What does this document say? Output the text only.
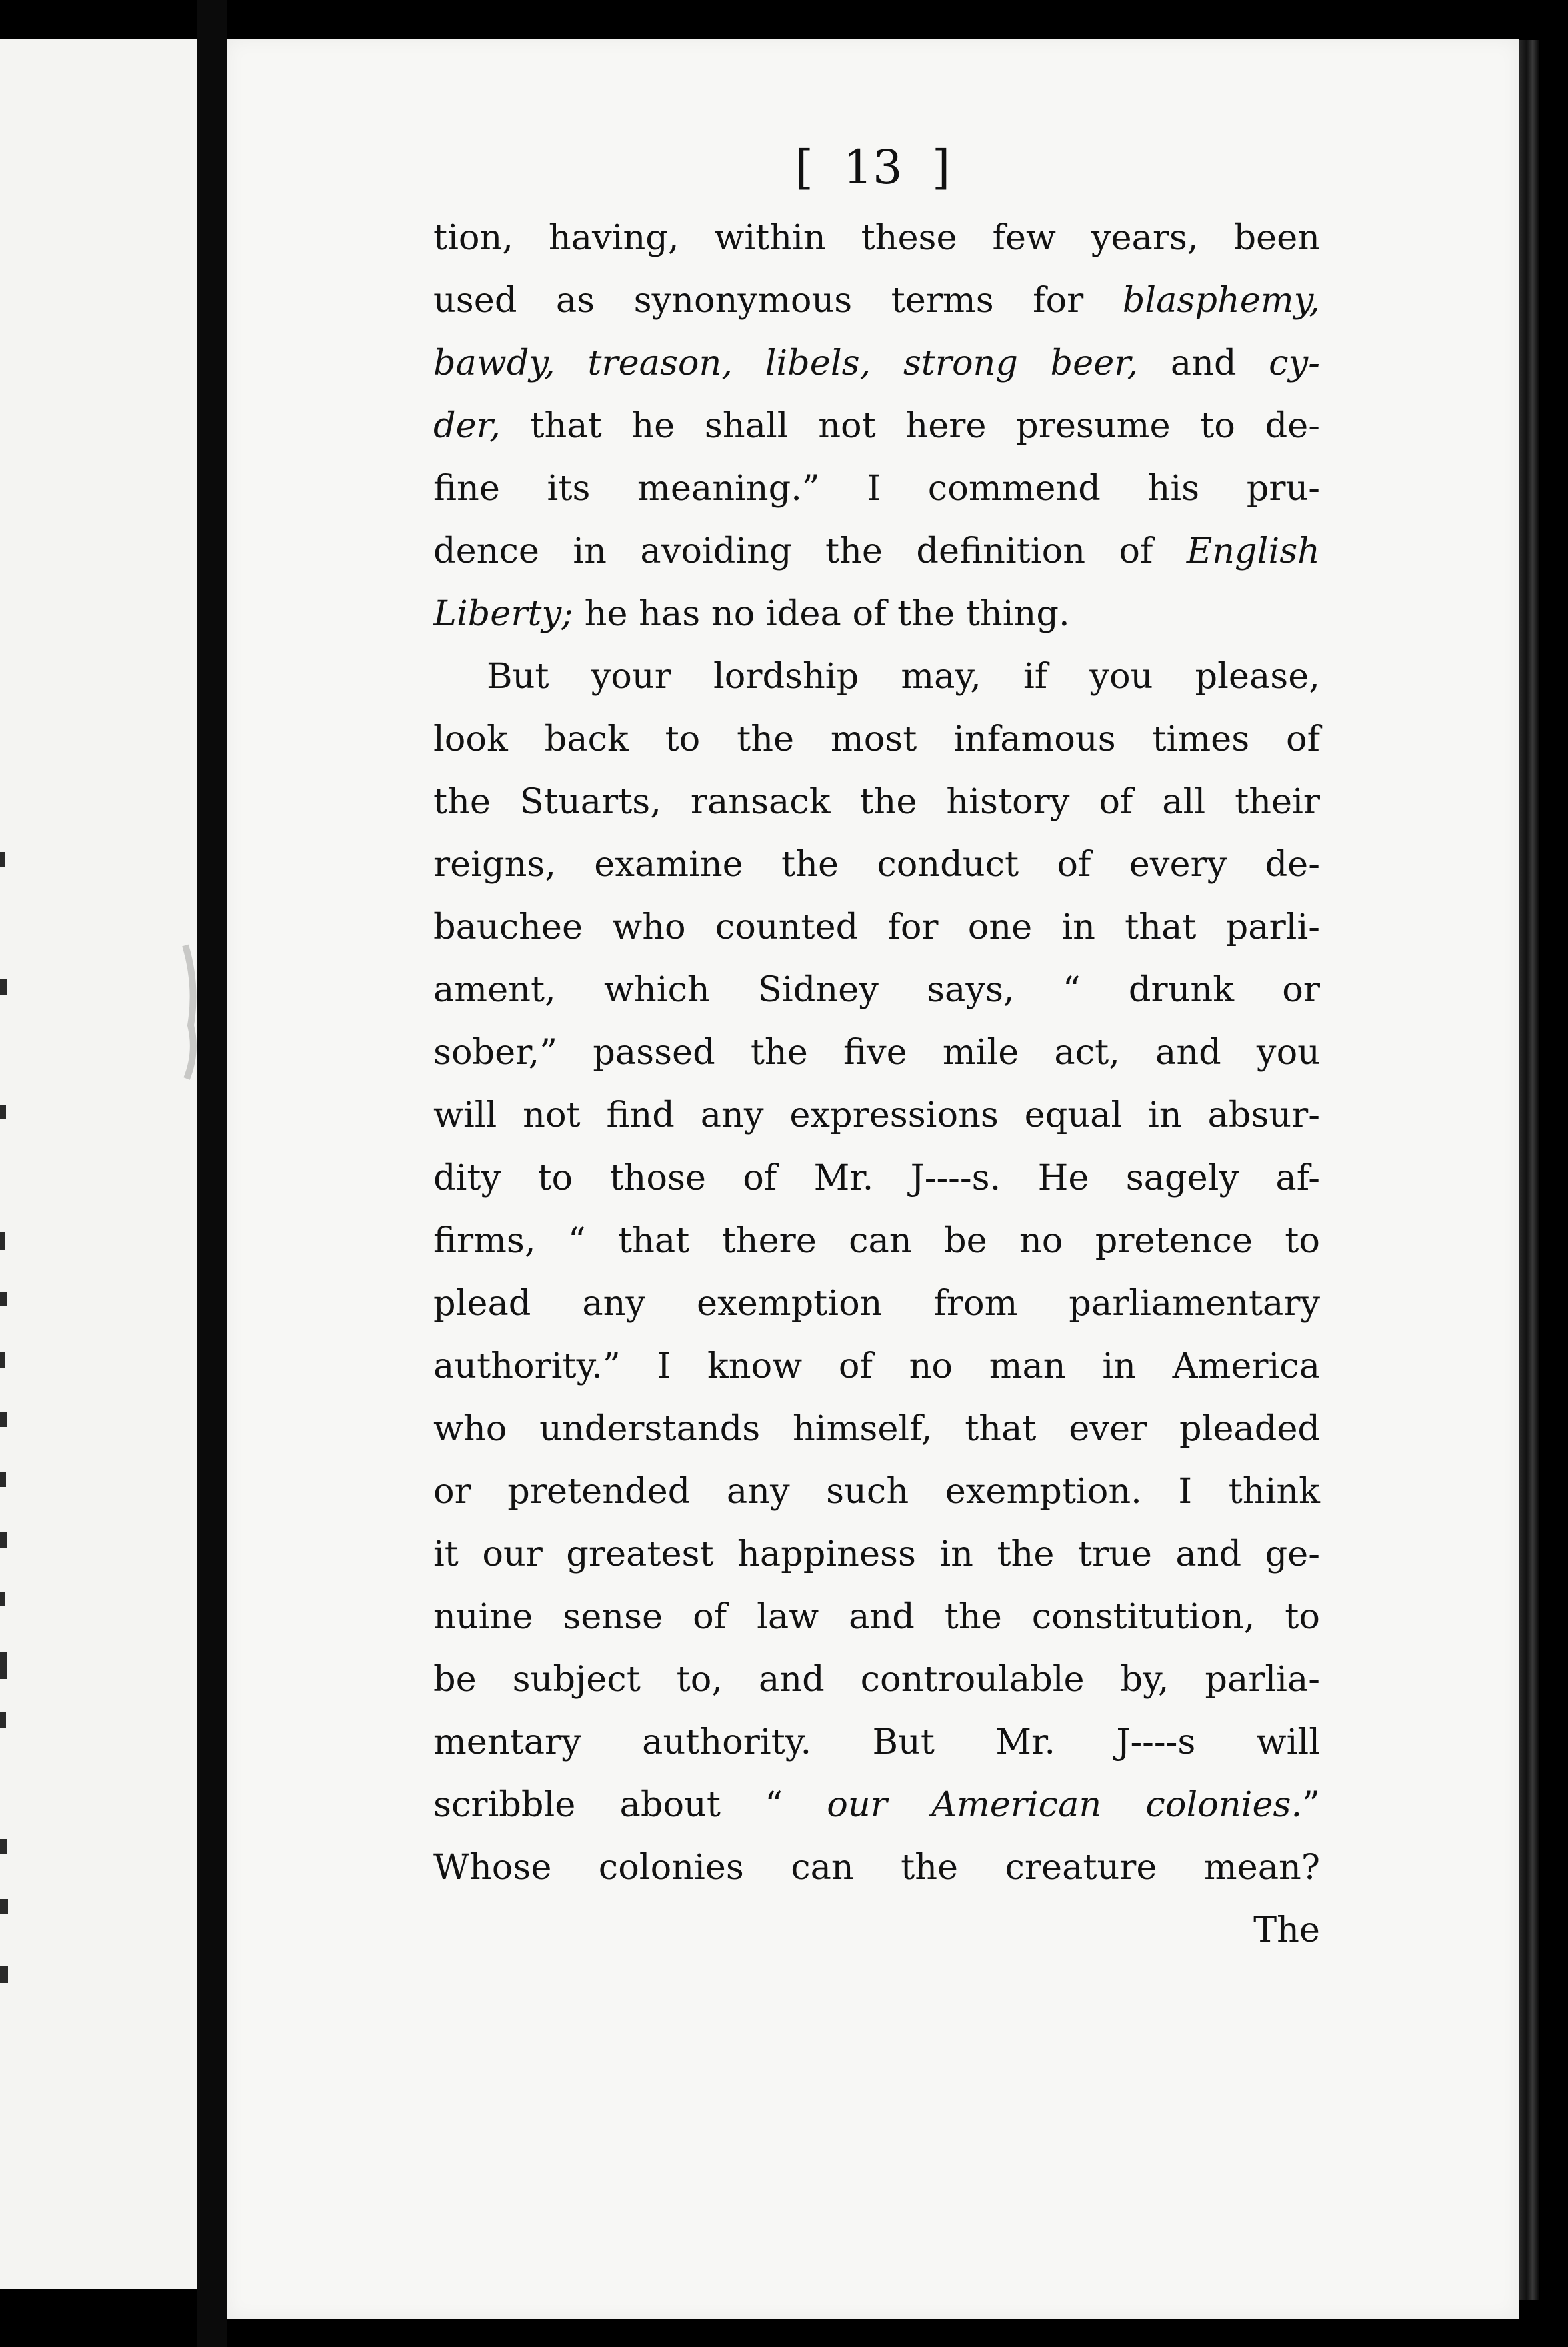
[  13  ]
tion, having, within these few years, been
used as synonymous terms for blasphemy,
bawdy, treason, libels, strong beer, and cy-
der, that he shall not here presume to de-
fine its meaning.” I commend his pru-
dence in avoiding the definition of English
Liberty; he has no idea of the thing.
But your lordship may, if you please,
look back to the most infamous times of
the Stuarts, ransack the history of all their
reigns, examine the conduct of every de-
bauchee who counted for one in that parli-
ament, which Sidney says, “ drunk or
sober,” passed the five mile act, and you
will not find any expressions equal in absur-
dity to those of Mr. J----s. He sagely af-
firms, “ that there can be no pretence to
plead any exemption from parliamentary
authority.” I know of no man in America
who understands himself, that ever pleaded
or pretended any such exemption. I think
it our greatest happiness in the true and ge-
nuine sense of law and the constitution, to
be subject to, and controulable by, parlia-
mentary authority. But Mr. J----s will
scribble about “ our American colonies.”
Whose colonies can the creature mean?
The
